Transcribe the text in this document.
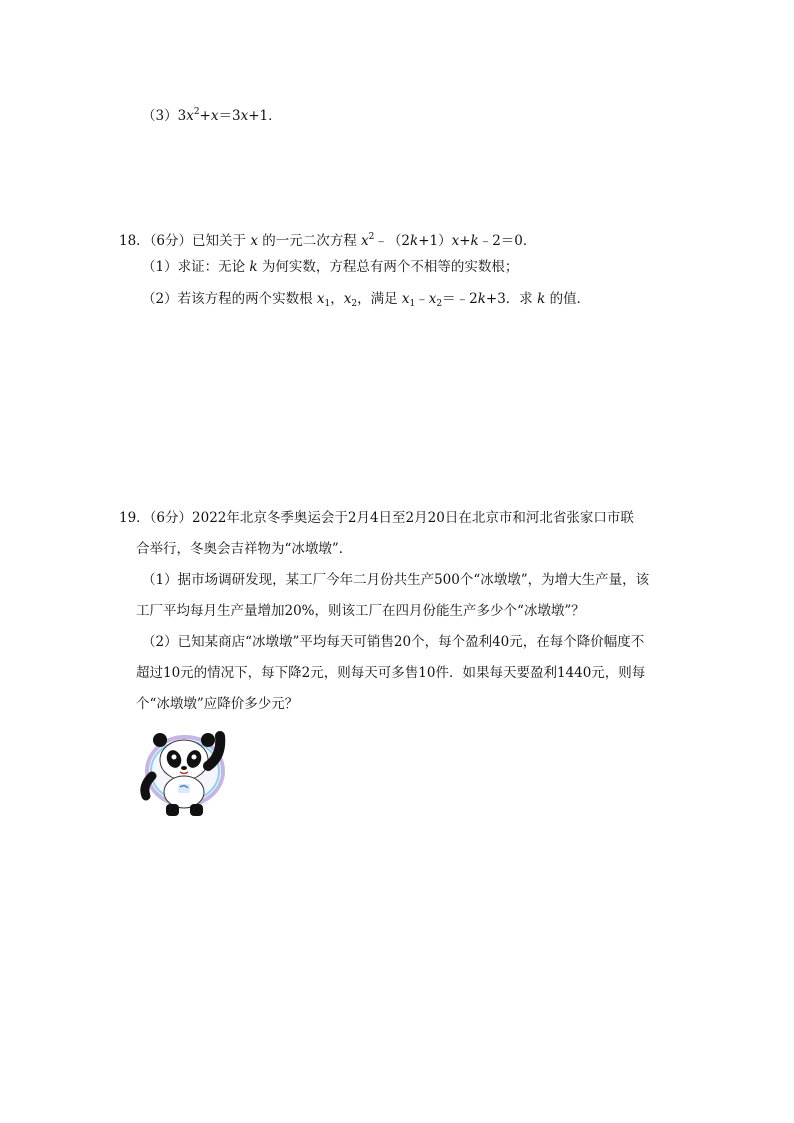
$(3)3x^2+x=3x+1$．
18．（6分）已知关于 x 的一元二次方程 $x^2﹣(2k+1)x+k﹣2=0$．
（1）求证：无论 k 为何实数，方程总有两个不相等的实数根；
（2）若该方程的两个实数根 $x_1$，$x_2$，满足 $x_1﹣x_2=﹣2k+3$．求 k 的值．
19．（6分）2022年北京冬季奥运会于2月4日至2月20日在北京市和河北省张家口市联
合举行，冬奥会吉祥物为“冰墩墩”．
（1）据市场调研发现，某工厂今年二月份共生产500个“冰墩墩”，为增大生产量，该
工厂平均每月生产量增加20%，则该工厂在四月份能生产多少个“冰墩墩”？
（2）已知某商店“冰墩墩”平均每天可销售20个，每个盈利40元，在每个降价幅度不
超过10元的情况下，每下降2元，则每天可多售10件．如果每天要盈利1440元，则每
个“冰墩墩”应降价多少元？
